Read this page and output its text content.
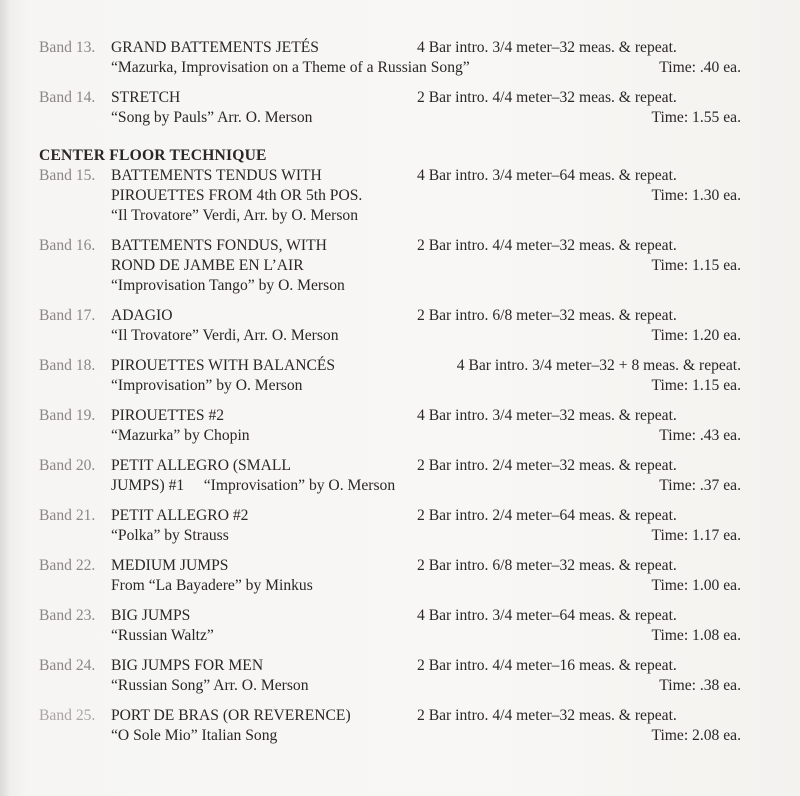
Band 13.	GRAND BATTEMENTS JETÉS	4 Bar intro. 3/4 meter–32 meas. & repeat.
“Mazurka, Improvisation on a Theme of a Russian Song”	Time: .40 ea.
Band 14.	STRETCH	2 Bar intro. 4/4 meter–32 meas. & repeat.
“Song by Pauls” Arr. O. Merson	Time: 1.55 ea.
CENTER FLOOR TECHNIQUE
Band 15.	BATTEMENTS TENDUS WITH	4 Bar intro. 3/4 meter–64 meas. & repeat.
PIROUETTES FROM 4th OR 5th POS.	Time: 1.30 ea.
“Il Trovatore” Verdi, Arr. by O. Merson
Band 16.	BATTEMENTS FONDUS, WITH	2 Bar intro. 4/4 meter–32 meas. & repeat.
ROND DE JAMBE EN L’AIR	Time: 1.15 ea.
“Improvisation Tango” by O. Merson
Band 17.	ADAGIO	2 Bar intro. 6/8 meter–32 meas. & repeat.
“Il Trovatore” Verdi, Arr. O. Merson	Time: 1.20 ea.
Band 18.	PIROUETTES WITH BALANCÉS	4 Bar intro. 3/4 meter–32 + 8 meas. & repeat.
“Improvisation” by O. Merson	Time: 1.15 ea.
Band 19.	PIROUETTES #2	4 Bar intro. 3/4 meter–32 meas. & repeat.
“Mazurka” by Chopin	Time: .43 ea.
Band 20.	PETIT ALLEGRO (SMALL	2 Bar intro. 2/4 meter–32 meas. & repeat.
JUMPS) #1     “Improvisation” by O. Merson	Time: .37 ea.
Band 21.	PETIT ALLEGRO #2	2 Bar intro. 2/4 meter–64 meas. & repeat.
“Polka” by Strauss	Time: 1.17 ea.
Band 22.	MEDIUM JUMPS	2 Bar intro. 6/8 meter–32 meas. & repeat.
From “La Bayadere” by Minkus	Time: 1.00 ea.
Band 23.	BIG JUMPS	4 Bar intro. 3/4 meter–64 meas. & repeat.
“Russian Waltz”	Time: 1.08 ea.
Band 24.	BIG JUMPS FOR MEN	2 Bar intro. 4/4 meter–16 meas. & repeat.
“Russian Song” Arr. O. Merson	Time: .38 ea.
Band 25.	PORT DE BRAS (OR REVERENCE)	2 Bar intro. 4/4 meter–32 meas. & repeat.
“O Sole Mio” Italian Song	Time: 2.08 ea.
